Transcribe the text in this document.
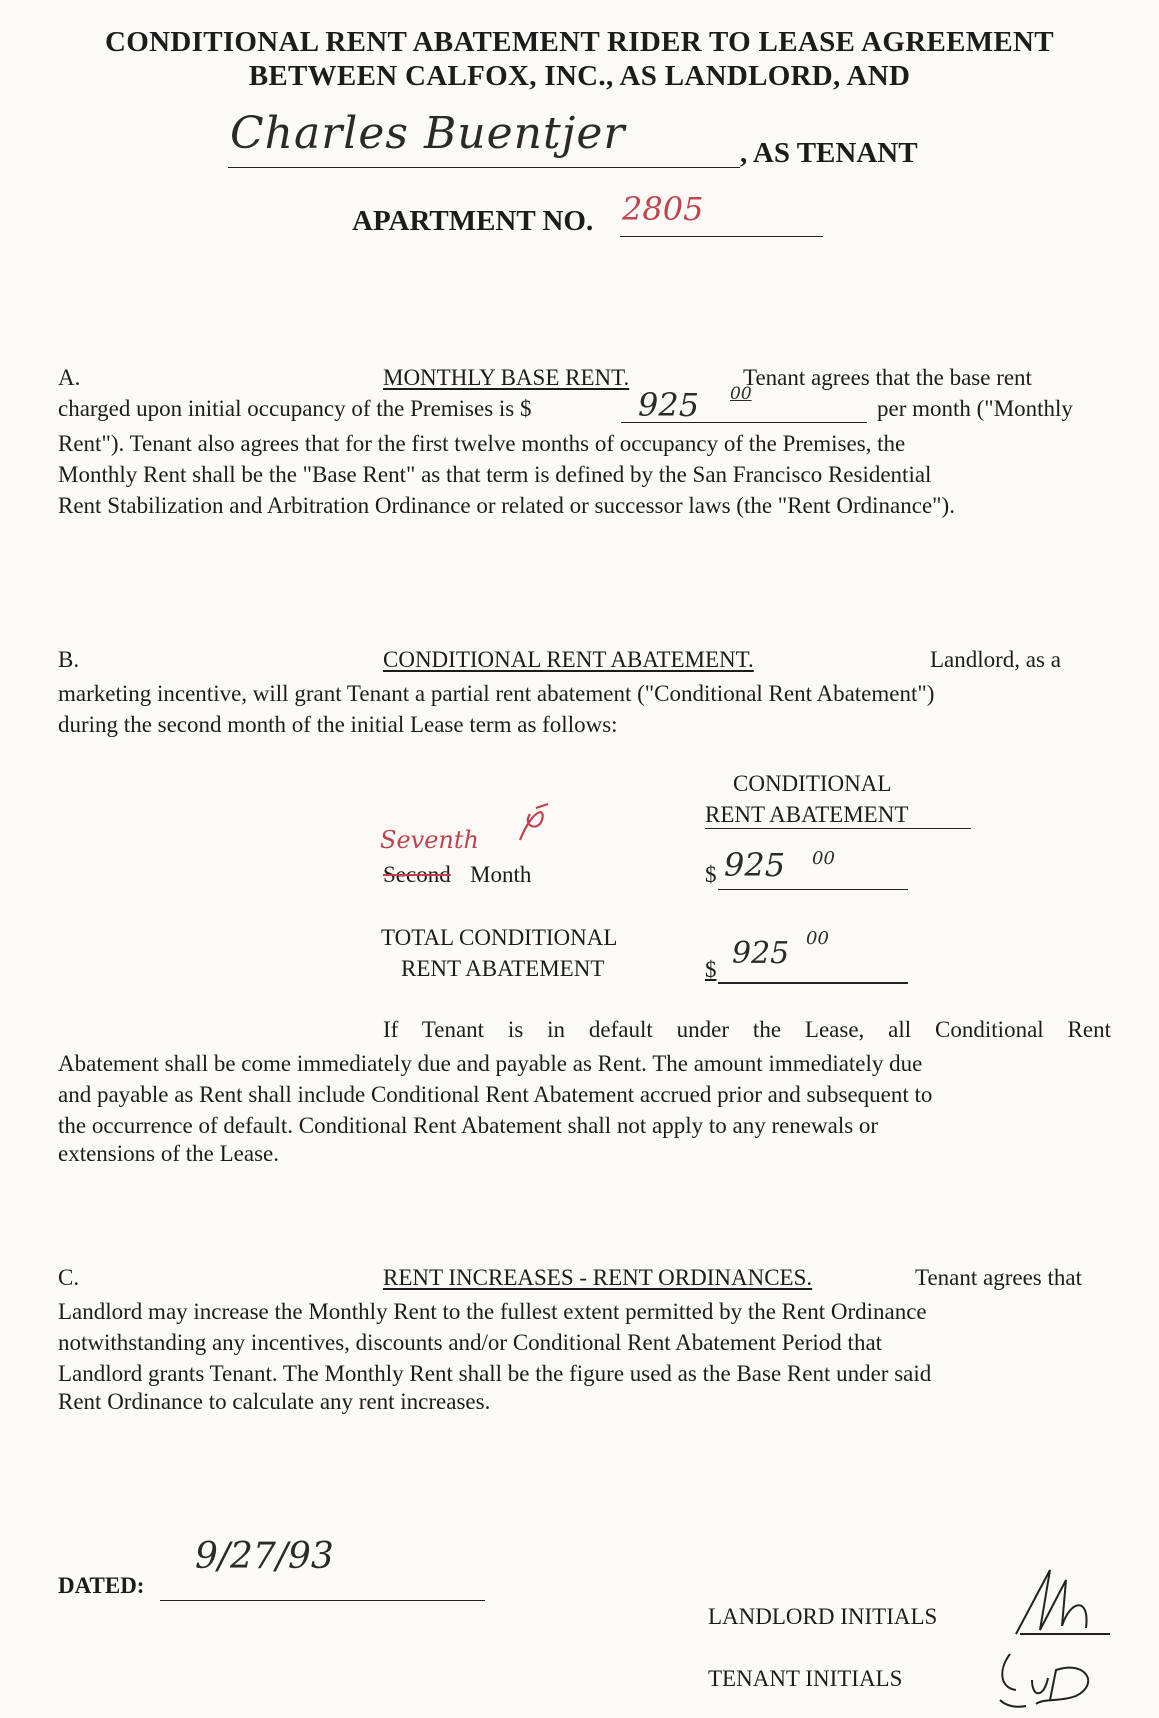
CONDITIONAL RENT ABATEMENT RIDER TO LEASE AGREEMENT
BETWEEN CALFOX, INC., AS LANDLORD, AND
Charles Buentjer	, AS TENANT
APARTMENT NO. 2805
A.	MONTHLY BASE RENT.	Tenant agrees that the base rent
charged upon initial occupancy of the Premises is $	925 00
per month ("Monthly
Rent"). Tenant also agrees that for the first twelve months of occupancy of the Premises, the
Monthly Rent shall be the "Base Rent" as that term is defined by the San Francisco Residential
Rent Stabilization and Arbitration Ordinance or related or successor laws (the "Rent Ordinance").
B.	CONDITIONAL RENT ABATEMENT.	Landlord, as a
marketing incentive, will grant Tenant a partial rent abatement ("Conditional Rent Abatement")
during the second month of the initial Lease term as follows:
CONDITIONAL
RENT ABATEMENT
Seventh
Second Month	$ 925 00
TOTAL CONDITIONAL
RENT ABATEMENT	$ 925 00
If Tenant is in default under the Lease, all Conditional Rent
Abatement shall be come immediately due and payable as Rent. The amount immediately due
and payable as Rent shall include Conditional Rent Abatement accrued prior and subsequent to
the occurrence of default. Conditional Rent Abatement shall not apply to any renewals or
extensions of the Lease.
C.	RENT INCREASES - RENT ORDINANCES.	Tenant agrees that
Landlord may increase the Monthly Rent to the fullest extent permitted by the Rent Ordinance
notwithstanding any incentives, discounts and/or Conditional Rent Abatement Period that
Landlord grants Tenant. The Monthly Rent shall be the figure used as the Base Rent under said
Rent Ordinance to calculate any rent increases.
DATED:
9/27/93
LANDLORD INITIALS
TENANT INITIALS
